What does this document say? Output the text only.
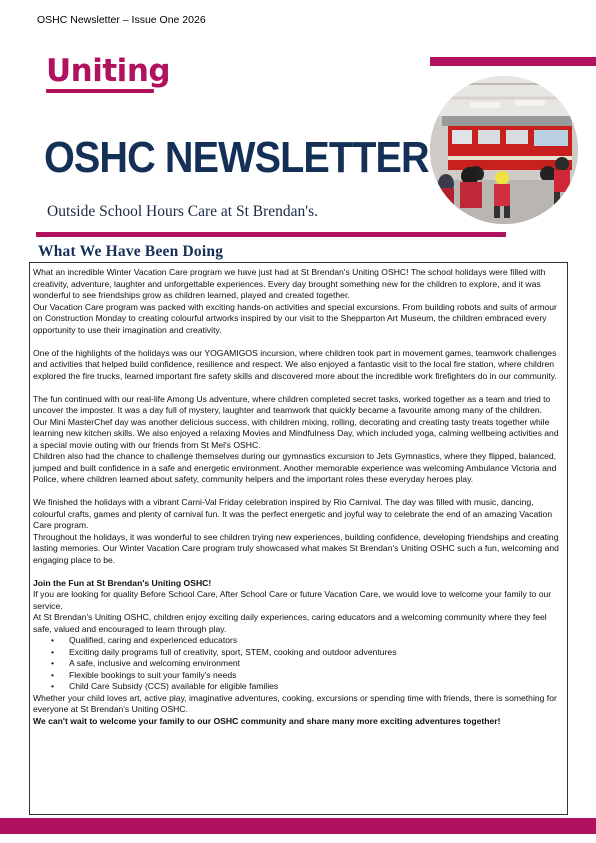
OSHC Newsletter – Issue One 2026
Uniting
OSHC NEWSLETTER
Outside School Hours Care at St Brendan's.
What We Have Been Doing

What an incredible Winter Vacation Care program we have just had at St Brendan's Uniting OSHC! The school holidays were filled with creativity, adventure, laughter and unforgettable experiences. Every day brought something new for the children to explore, and it was wonderful to see friendships grow as children learned, played and created together.

Our Vacation Care program was packed with exciting hands-on activities and special excursions. From building robots and suits of armour on Construction Monday to creating colourful artworks inspired by our visit to the Shepparton Art Museum, the children embraced every opportunity to use their imagination and creativity.

One of the highlights of the holidays was our YOGAMIGOS incursion, where children took part in movement games, teamwork challenges and activities that helped build confidence, resilience and respect. We also enjoyed a fantastic visit to the local fire station, where children explored the fire trucks, learned important fire safety skills and discovered more about the incredible work firefighters do in our community.

The fun continued with our real-life Among Us adventure, where children completed secret tasks, worked together as a team and tried to uncover the imposter. It was a day full of mystery, laughter and teamwork that quickly became a favourite among many of the children.

Our Mini MasterChef day was another delicious success, with children mixing, rolling, decorating and creating tasty treats together while learning new kitchen skills. We also enjoyed a relaxing Movies and Mindfulness Day, which included yoga, calming wellbeing activities and a special movie outing with our friends from St Mel's OSHC.

Children also had the chance to challenge themselves during our gymnastics excursion to Jets Gymnastics, where they flipped, balanced, jumped and built confidence in a safe and energetic environment. Another memorable experience was welcoming Ambulance Victoria and Police, where children learned about safety, community helpers and the important roles these everyday heroes play.

We finished the holidays with a vibrant Carni-Val Friday celebration inspired by Rio Carnival. The day was filled with music, dancing, colourful crafts, games and plenty of carnival fun. It was the perfect energetic and joyful way to celebrate the end of an amazing Vacation Care program.

Throughout the holidays, it was wonderful to see children trying new experiences, building confidence, developing friendships and creating lasting memories. Our Winter Vacation Care program truly showcased what makes St Brendan's Uniting OSHC such a fun, welcoming and engaging place to be.

Join the Fun at St Brendan's Uniting OSHC!

If you are looking for quality Before School Care, After School Care or future Vacation Care, we would love to welcome your family to our service.

At St Brendan's Uniting OSHC, children enjoy exciting daily experiences, caring educators and a welcoming community where they feel safe, valued and encouraged to learn through play.

• Qualified, caring and experienced educators
• Exciting daily programs full of creativity, sport, STEM, cooking and outdoor adventures
• A safe, inclusive and welcoming environment
• Flexible bookings to suit your family's needs
• Child Care Subsidy (CCS) available for eligible families

Whether your child loves art, active play, imaginative adventures, cooking, excursions or spending time with friends, there is something for everyone at St Brendan's Uniting OSHC.

We can't wait to welcome your family to our OSHC community and share many more exciting adventures together!
